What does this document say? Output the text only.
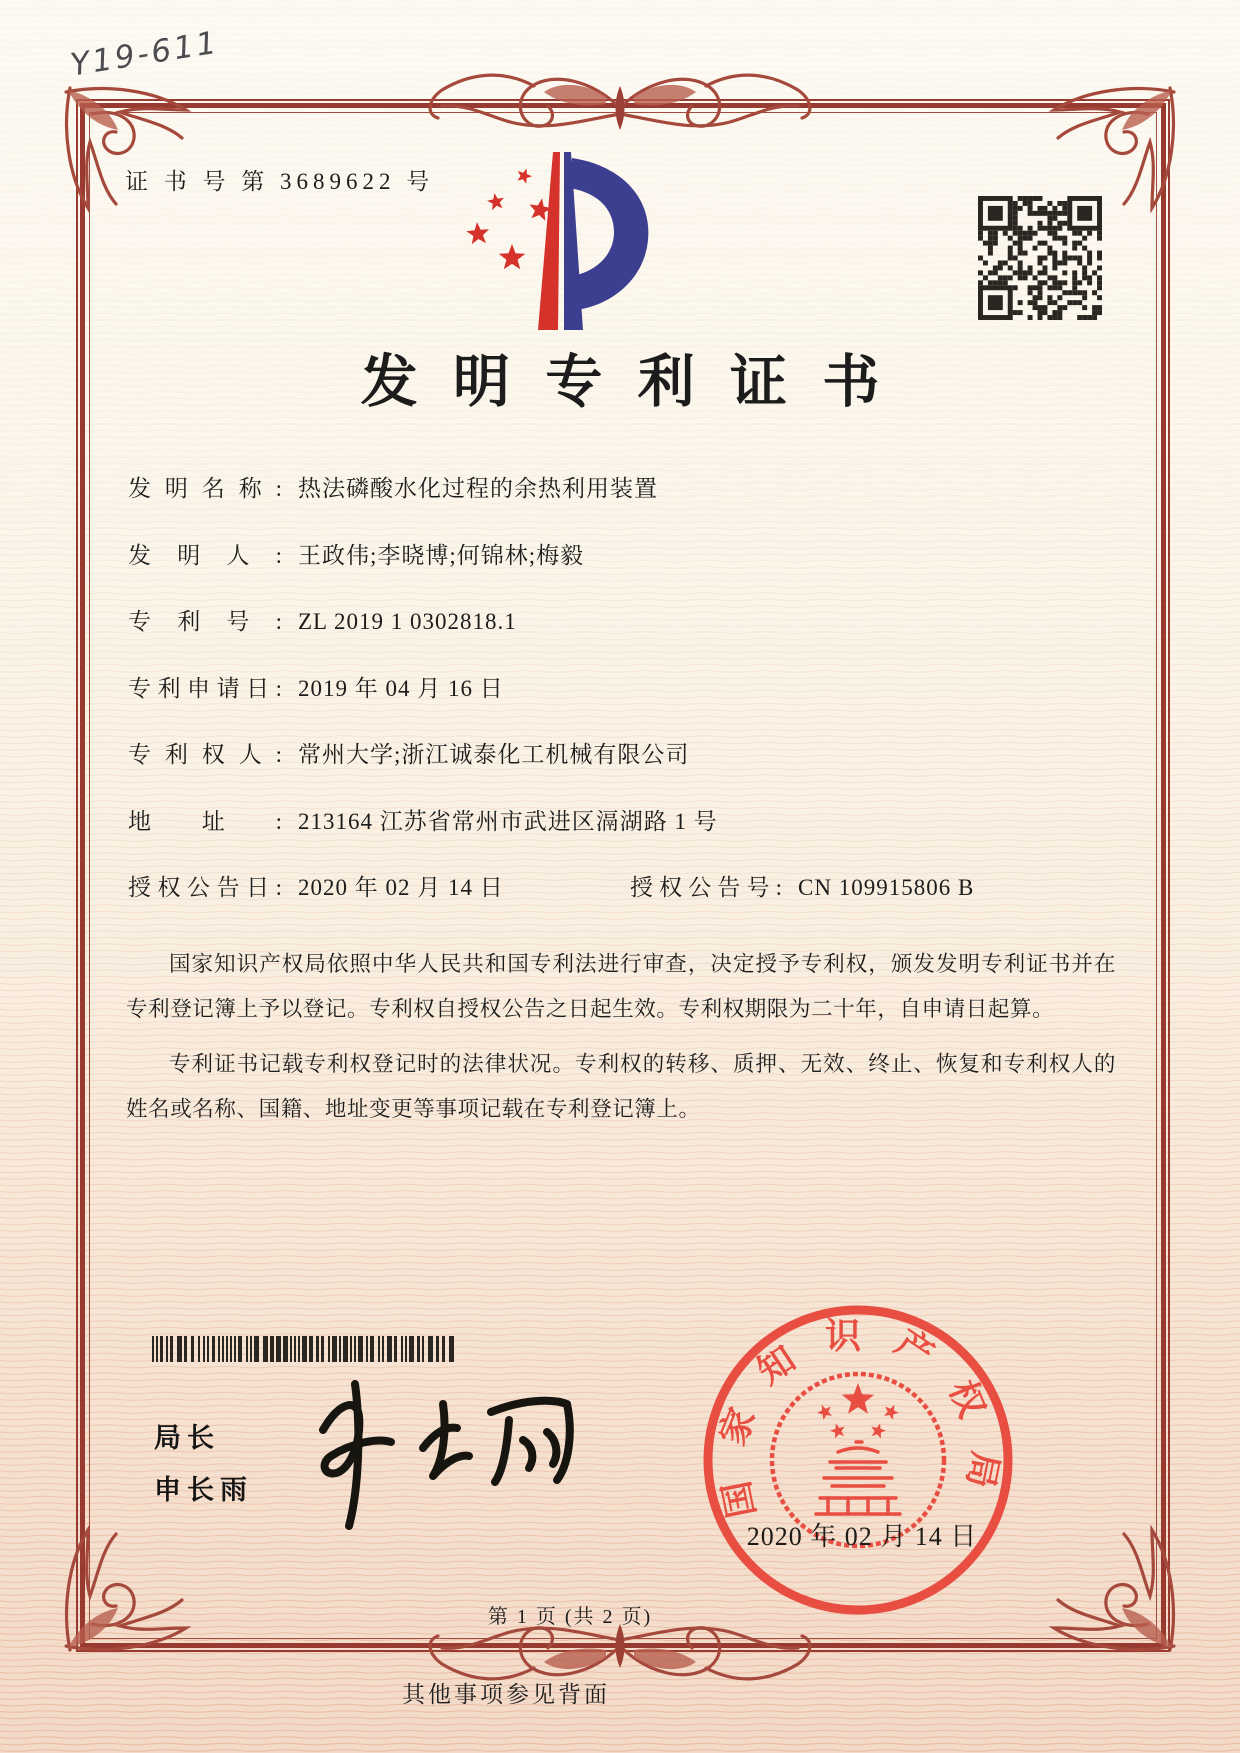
Y19-611
证 书 号 第 3689622 号
发明专利证书
发明名称: 热法磷酸水化过程的余热利用装置
发明人: 王政伟;李晓博;何锦林;梅毅
专利号: ZL 2019 1 0302818.1
专利申请日: 2019 年 04 月 16 日
专利权人: 常州大学;浙江诚泰化工机械有限公司
地址: 213164 江苏省常州市武进区滆湖路 1 号
授权公告日: 2020 年 02 月 14 日	授权公告号: CN 109915806 B

国家知识产权局依照中华人民共和国专利法进行审查，决定授予专利权，颁发发明专利证书并在专利登记簿上予以登记。专利权自授权公告之日起生效。专利权期限为二十年，自申请日起算。

专利证书记载专利权登记时的法律状况。专利权的转移、质押、无效、终止、恢复和专利权人的姓名或名称、国籍、地址变更等事项记载在专利登记簿上。

局长
申长雨	国家知识产权局
2020 年 02 月 14 日
第 1 页 (共 2 页)
其他事项参见背面
